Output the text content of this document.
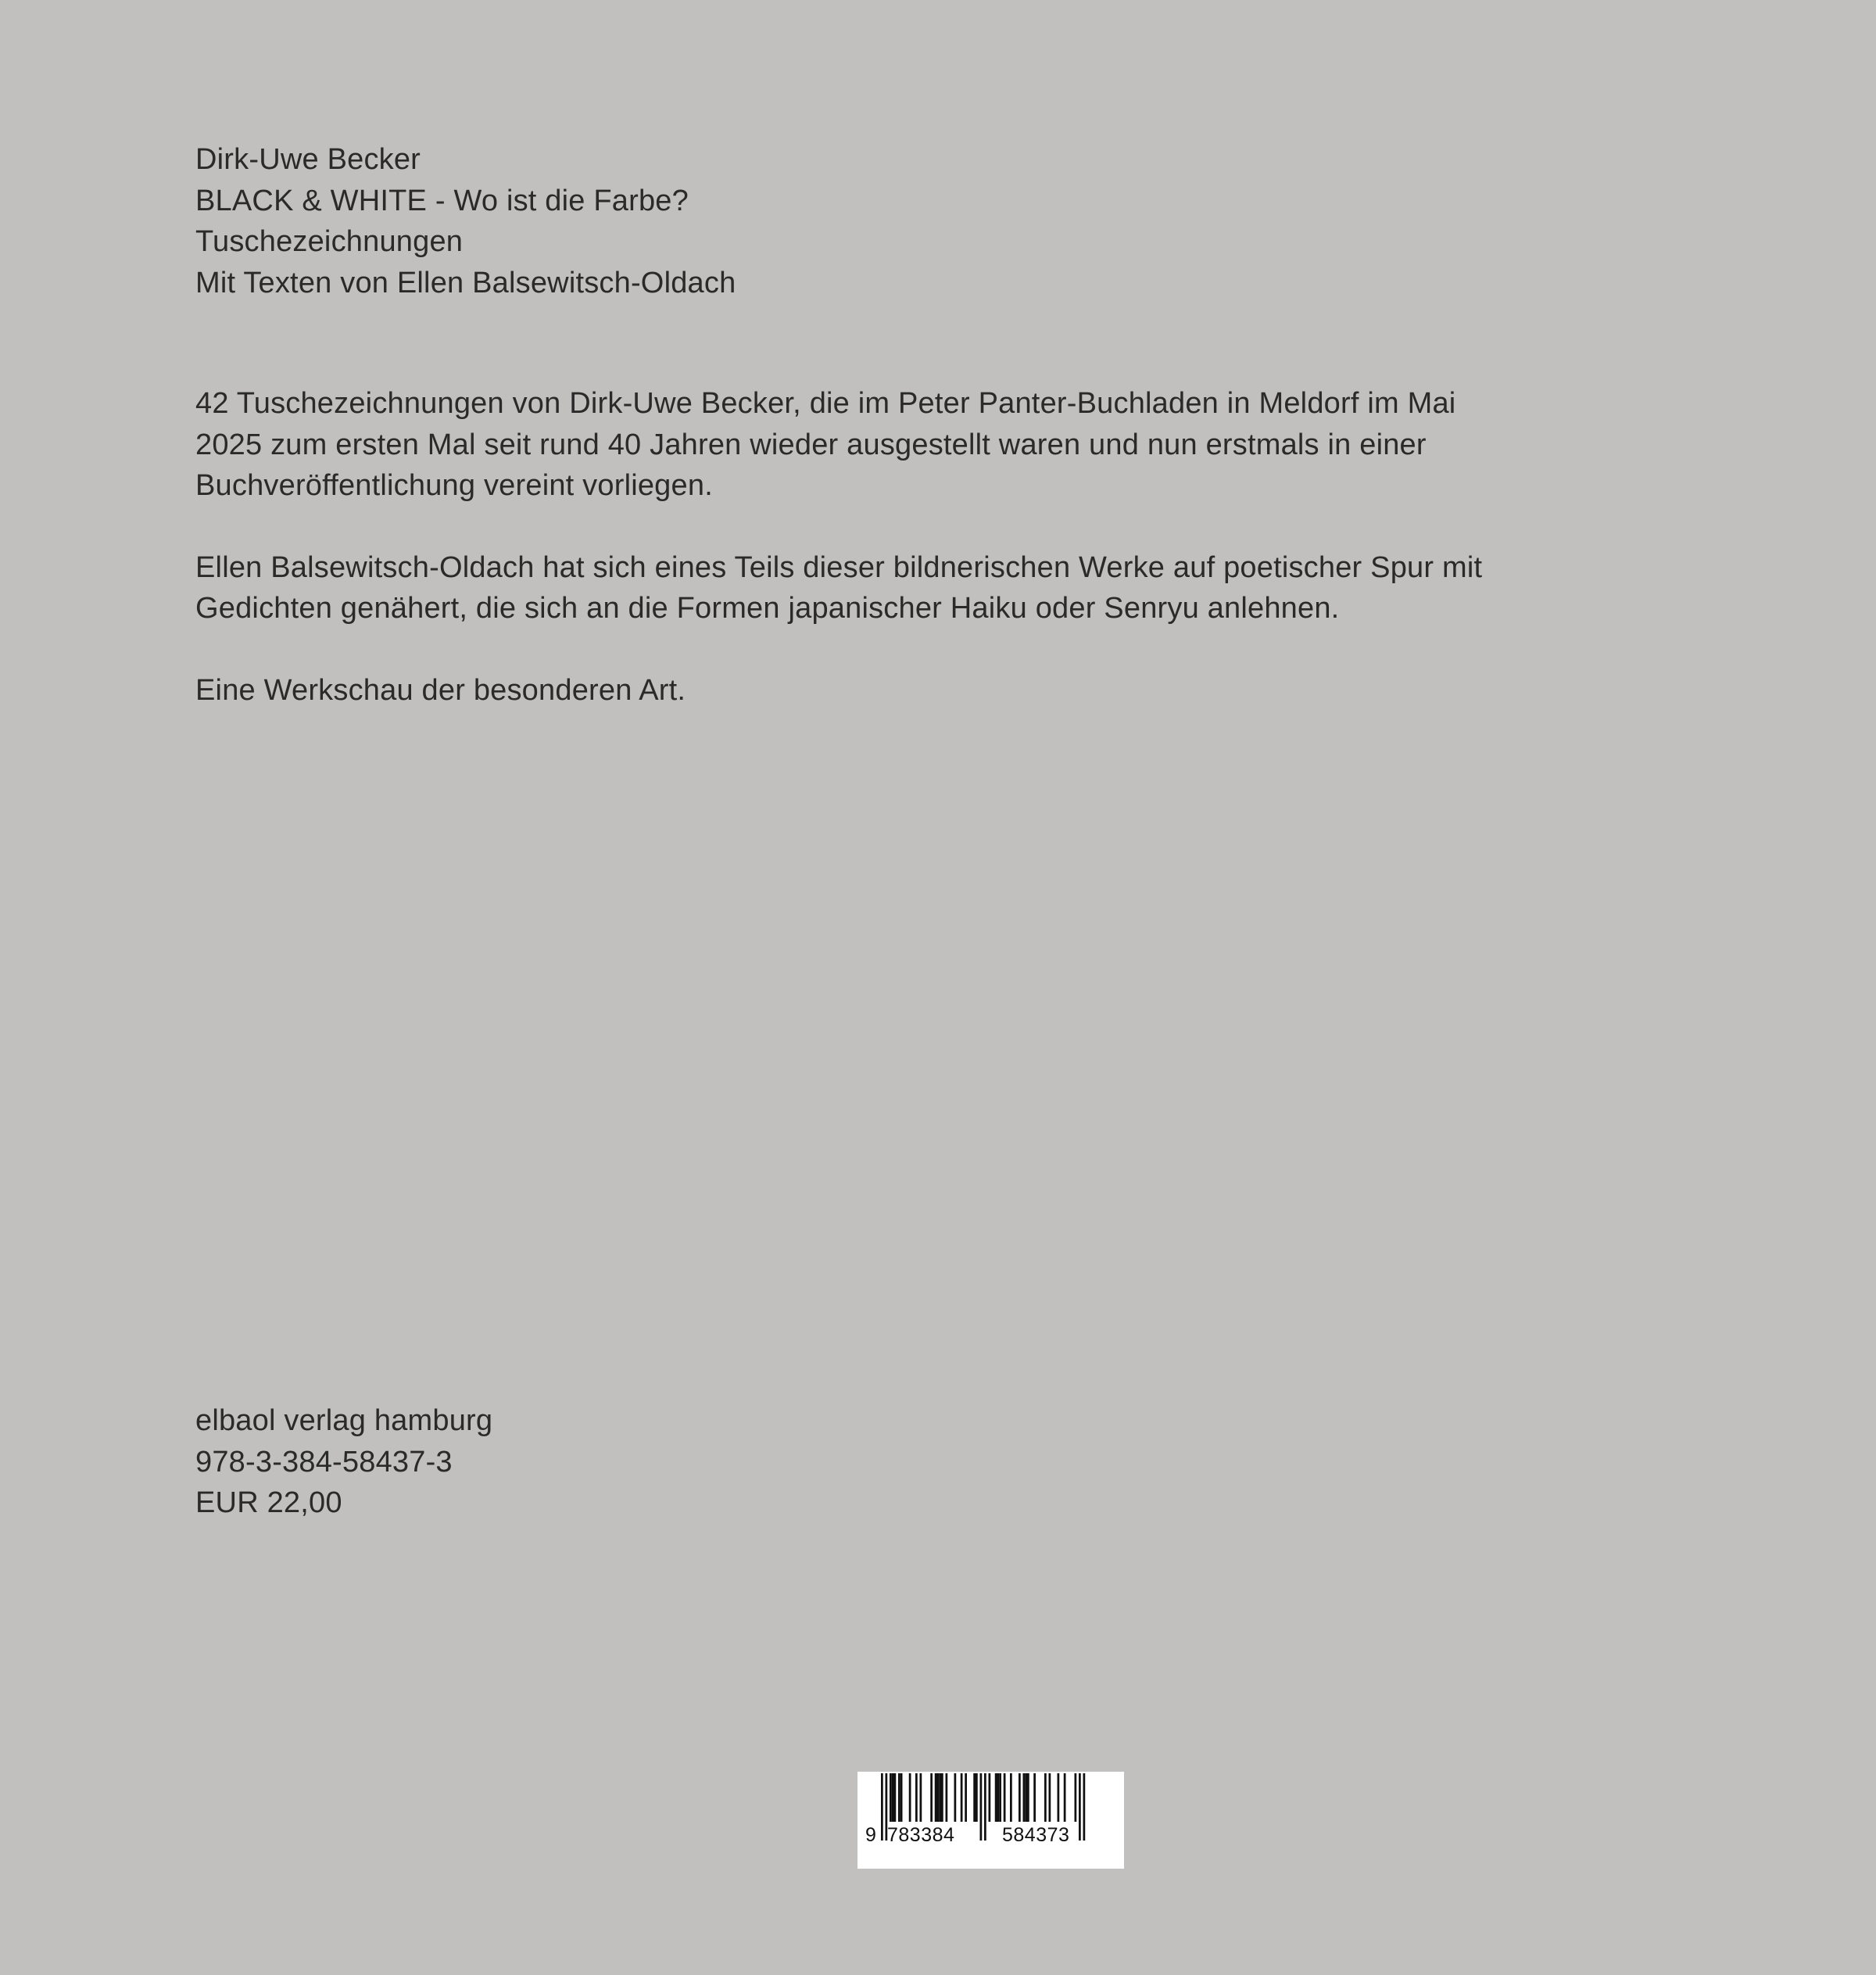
Dirk-Uwe Becker
BLACK & WHITE - Wo ist die Farbe?
Tuschezeichnungen
Mit Texten von Ellen Balsewitsch-Oldach

42 Tuschezeichnungen von Dirk-Uwe Becker, die im Peter Panter-Buchladen in Meldorf im Mai
2025 zum ersten Mal seit rund 40 Jahren wieder ausgestellt waren und nun erstmals in einer
Buchveröffentlichung vereint vorliegen.

Ellen Balsewitsch-Oldach hat sich eines Teils dieser bildnerischen Werke auf poetischer Spur mit
Gedichten genähert, die sich an die Formen japanischer Haiku oder Senryu anlehnen.

Eine Werkschau der besonderen Art.

elbaol verlag hamburg
978-3-384-58437-3
EUR 22,00
9 783384 584373
